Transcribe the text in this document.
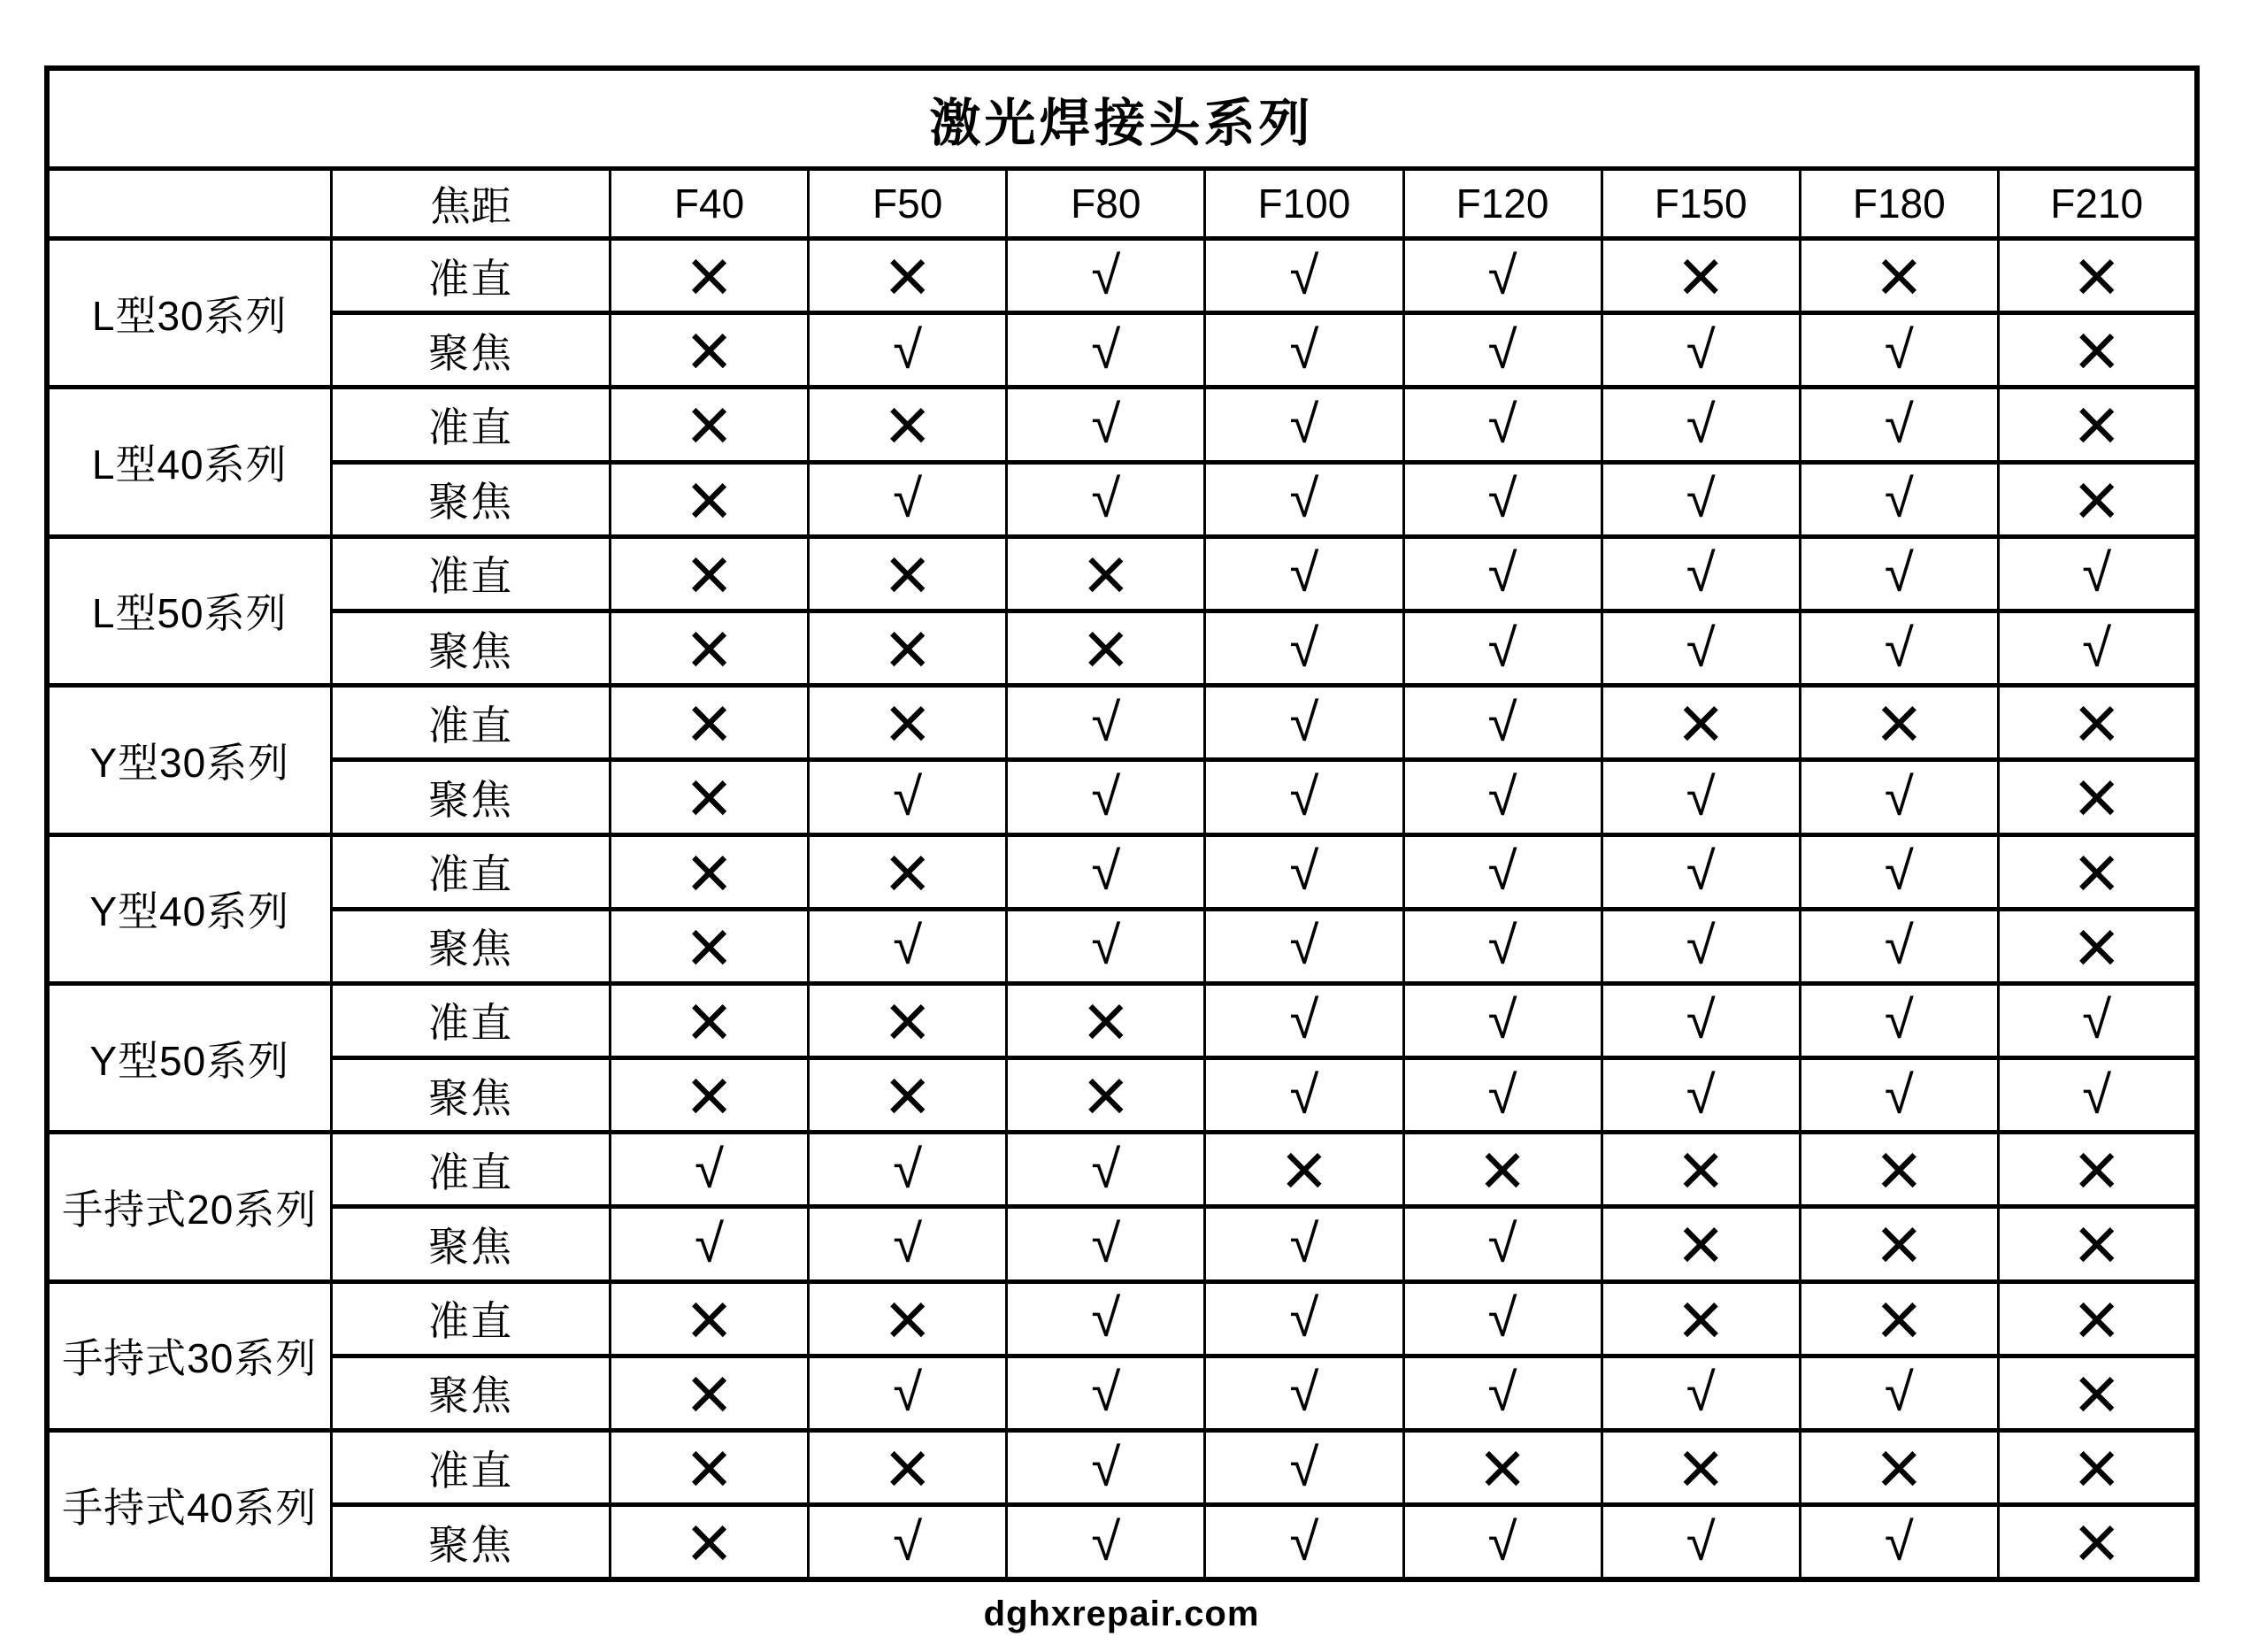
激光焊接头系列									
	焦距	F40	F50	F80	F100	F120	F150	F180	F210
L型30系列	准直	×	×	√	√	√	×	×	×
	聚焦	×	√	√	√	√	√	√	×
L型40系列	准直	×	×	√	√	√	√	√	×
	聚焦	×	√	√	√	√	√	√	×
L型50系列	准直	×	×	×	√	√	√	√	√
	聚焦	×	×	×	√	√	√	√	√
Y型30系列	准直	×	×	√	√	√	×	×	×
	聚焦	×	√	√	√	√	√	√	×
Y型40系列	准直	×	×	√	√	√	√	√	×
	聚焦	×	√	√	√	√	√	√	×
Y型50系列	准直	×	×	×	√	√	√	√	√
	聚焦	×	×	×	√	√	√	√	√
手持式20系列	准直	√	√	√	×	×	×	×	×
	聚焦	√	√	√	√	√	×	×	×
手持式30系列	准直	×	×	√	√	√	×	×	×
	聚焦	×	√	√	√	√	√	√	×
手持式40系列	准直	×	×	√	√	×	×	×	×
	聚焦	×	√	√	√	√	√	√	×
dghxrepair.com
